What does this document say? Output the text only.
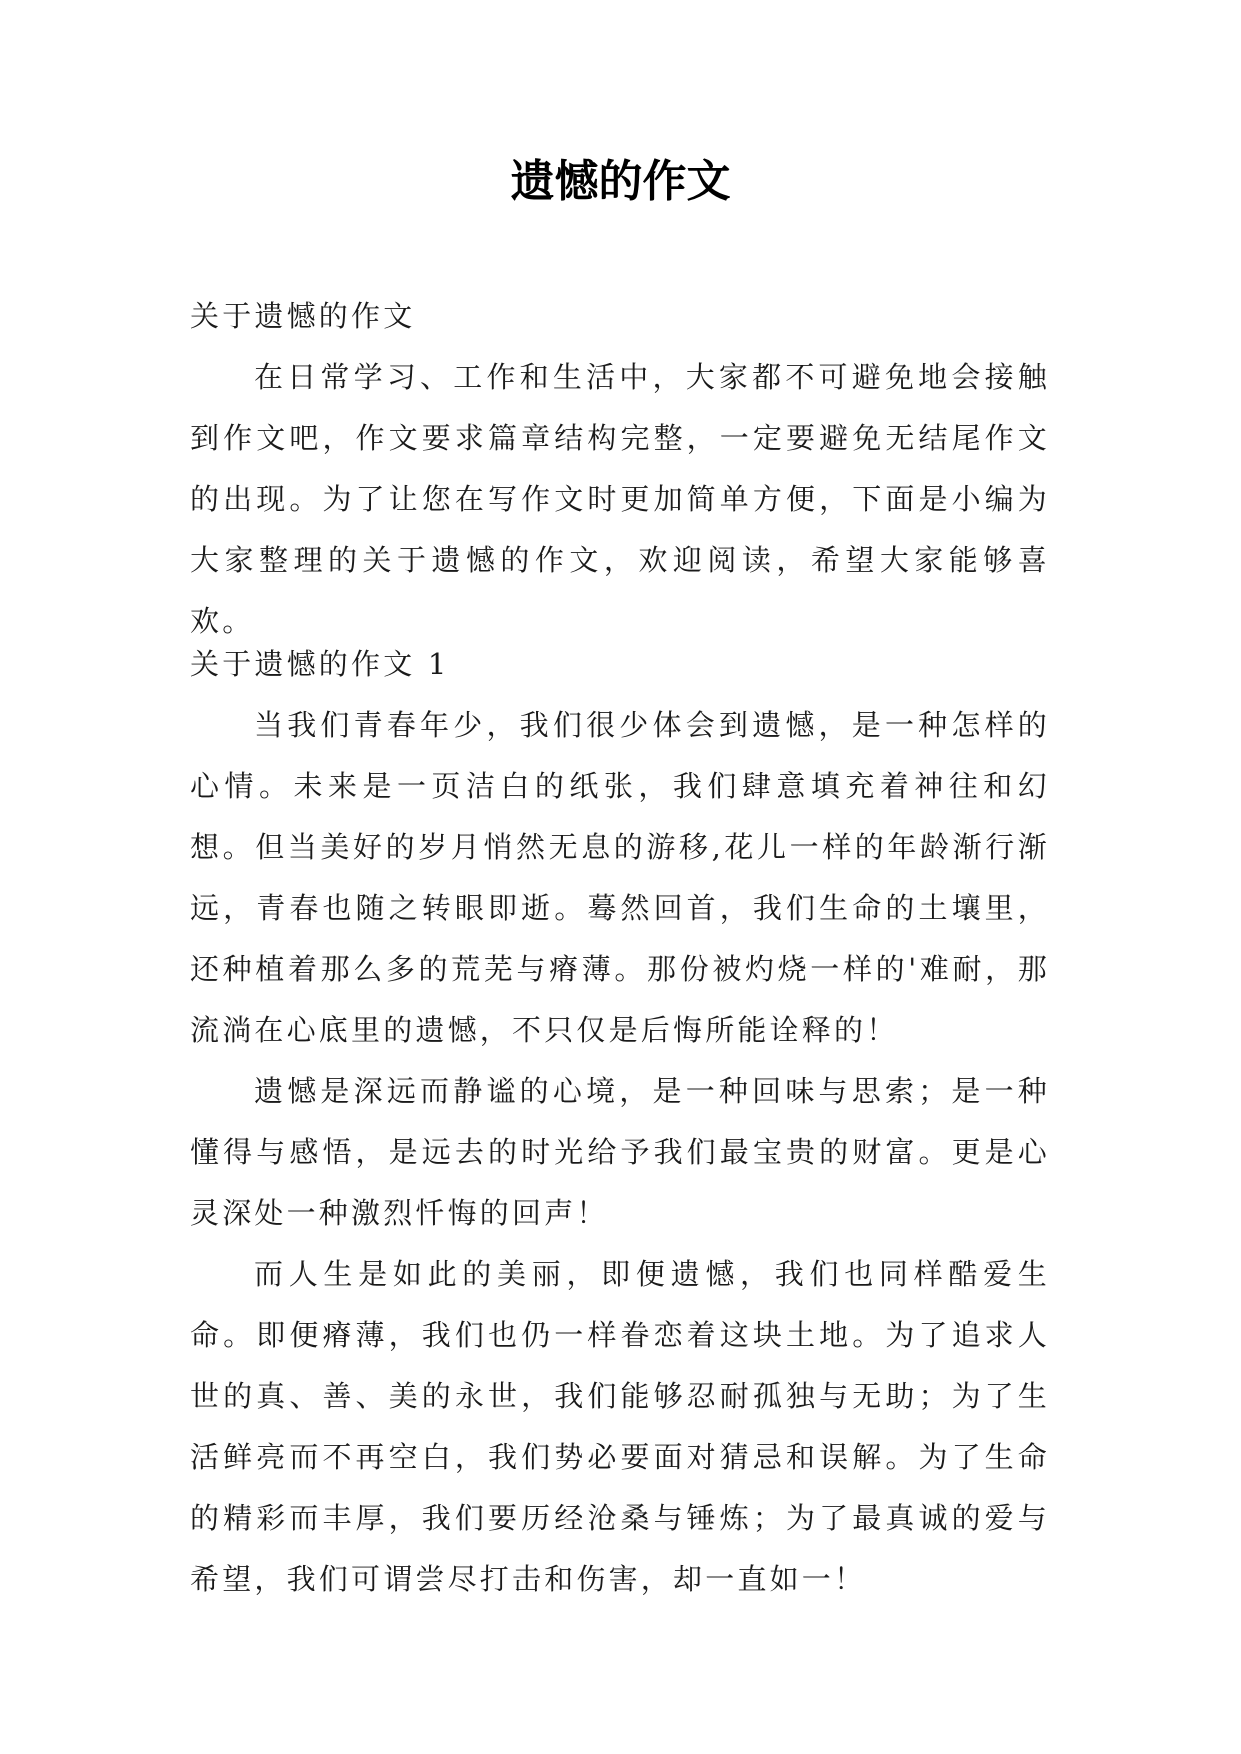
遗憾的作文

关于遗憾的作文

在日常学习、工作和生活中，大家都不可避免地会接触到作文吧，作文要求篇章结构完整，一定要避免无结尾作文的出现。为了让您在写作文时更加简单方便，下面是小编为大家整理的关于遗憾的作文，欢迎阅读，希望大家能够喜欢。

关于遗憾的作文 1

当我们青春年少，我们很少体会到遗憾，是一种怎样的心情。未来是一页洁白的纸张，我们肆意填充着神往和幻想。但当美好的岁月悄然无息的游移,花儿一样的年龄渐行渐远，青春也随之转眼即逝。蓦然回首，我们生命的土壤里，还种植着那么多的荒芜与瘠薄。那份被灼烧一样的'难耐，那流淌在心底里的遗憾，不只仅是后悔所能诠释的！

遗憾是深远而静谧的心境，是一种回味与思索；是一种懂得与感悟，是远去的时光给予我们最宝贵的财富。更是心灵深处一种激烈忏悔的回声！

而人生是如此的美丽，即便遗憾，我们也同样酷爱生命。即便瘠薄，我们也仍一样眷恋着这块土地。为了追求人世的真、善、美的永世，我们能够忍耐孤独与无助；为了生活鲜亮而不再空白，我们势必要面对猜忌和误解。为了生命的精彩而丰厚，我们要历经沧桑与锤炼；为了最真诚的爱与希望，我们可谓尝尽打击和伤害，却一直如一！
